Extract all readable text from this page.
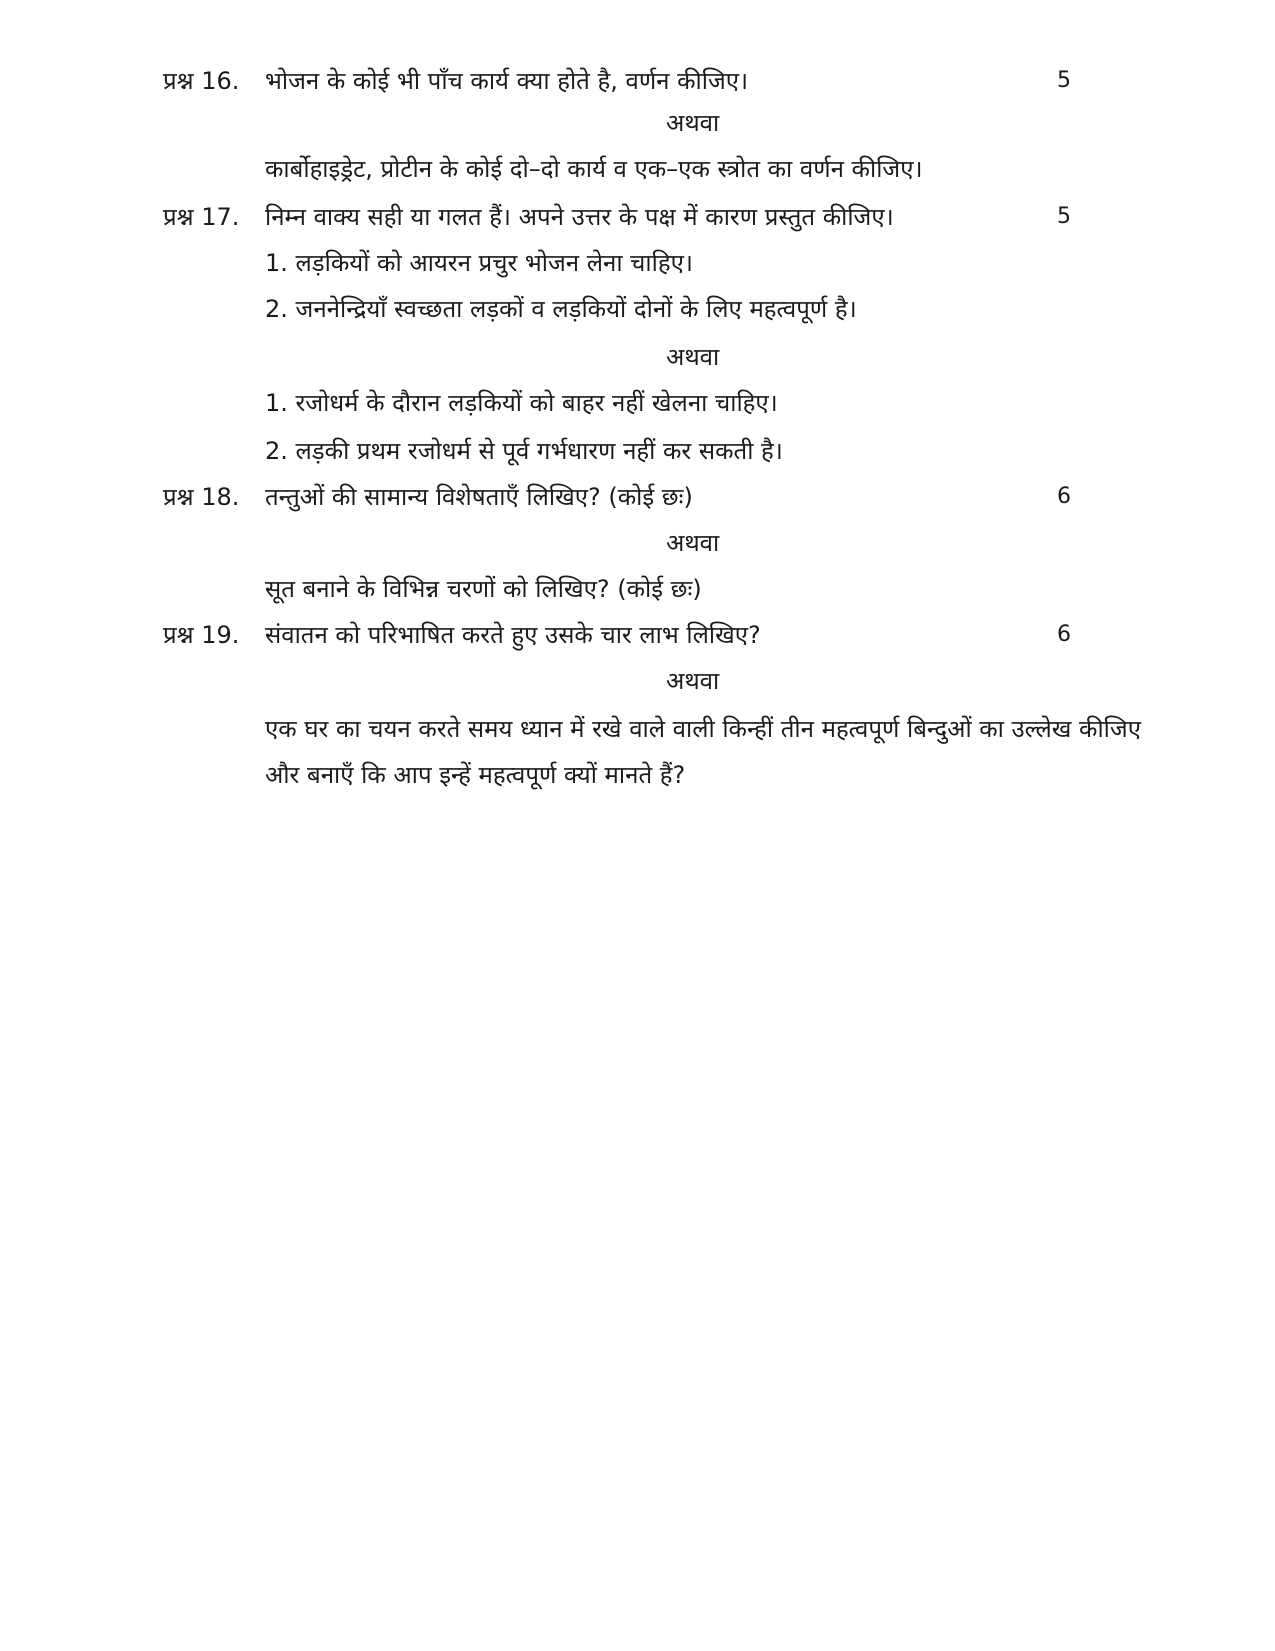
प्रश्न 16. भोजन के कोई भी पाँच कार्य क्या होते है, वर्णन कीजिए।	5
अथवा
कार्बोहाइड्रेट, प्रोटीन के कोई दो–दो कार्य व एक–एक स्त्रोत का वर्णन कीजिए।
प्रश्न 17. निम्न वाक्य सही या गलत हैं। अपने उत्तर के पक्ष में कारण प्रस्तुत कीजिए।	5
1. लड़कियों को आयरन प्रचुर भोजन लेना चाहिए।
2. जननेन्द्रियाँ स्वच्छता लड़कों व लड़कियों दोनों के लिए महत्वपूर्ण है।
अथवा
1. रजोधर्म के दौरान लड़कियों को बाहर नहीं खेलना चाहिए।
2. लड़की प्रथम रजोधर्म से पूर्व गर्भधारण नहीं कर सकती है।
प्रश्न 18. तन्तुओं की सामान्य विशेषताएँ लिखिए? (कोई छः)	6
अथवा
सूत बनाने के विभिन्न चरणों को लिखिए? (कोई छः)
प्रश्न 19. संवातन को परिभाषित करते हुए उसके चार लाभ लिखिए?	6
अथवा
एक घर का चयन करते समय ध्यान में रखे वाले वाली किन्हीं तीन महत्वपूर्ण बिन्दुओं का उल्लेख कीजिए और बनाएँ कि आप इन्हें महत्वपूर्ण क्यों मानते हैं?
